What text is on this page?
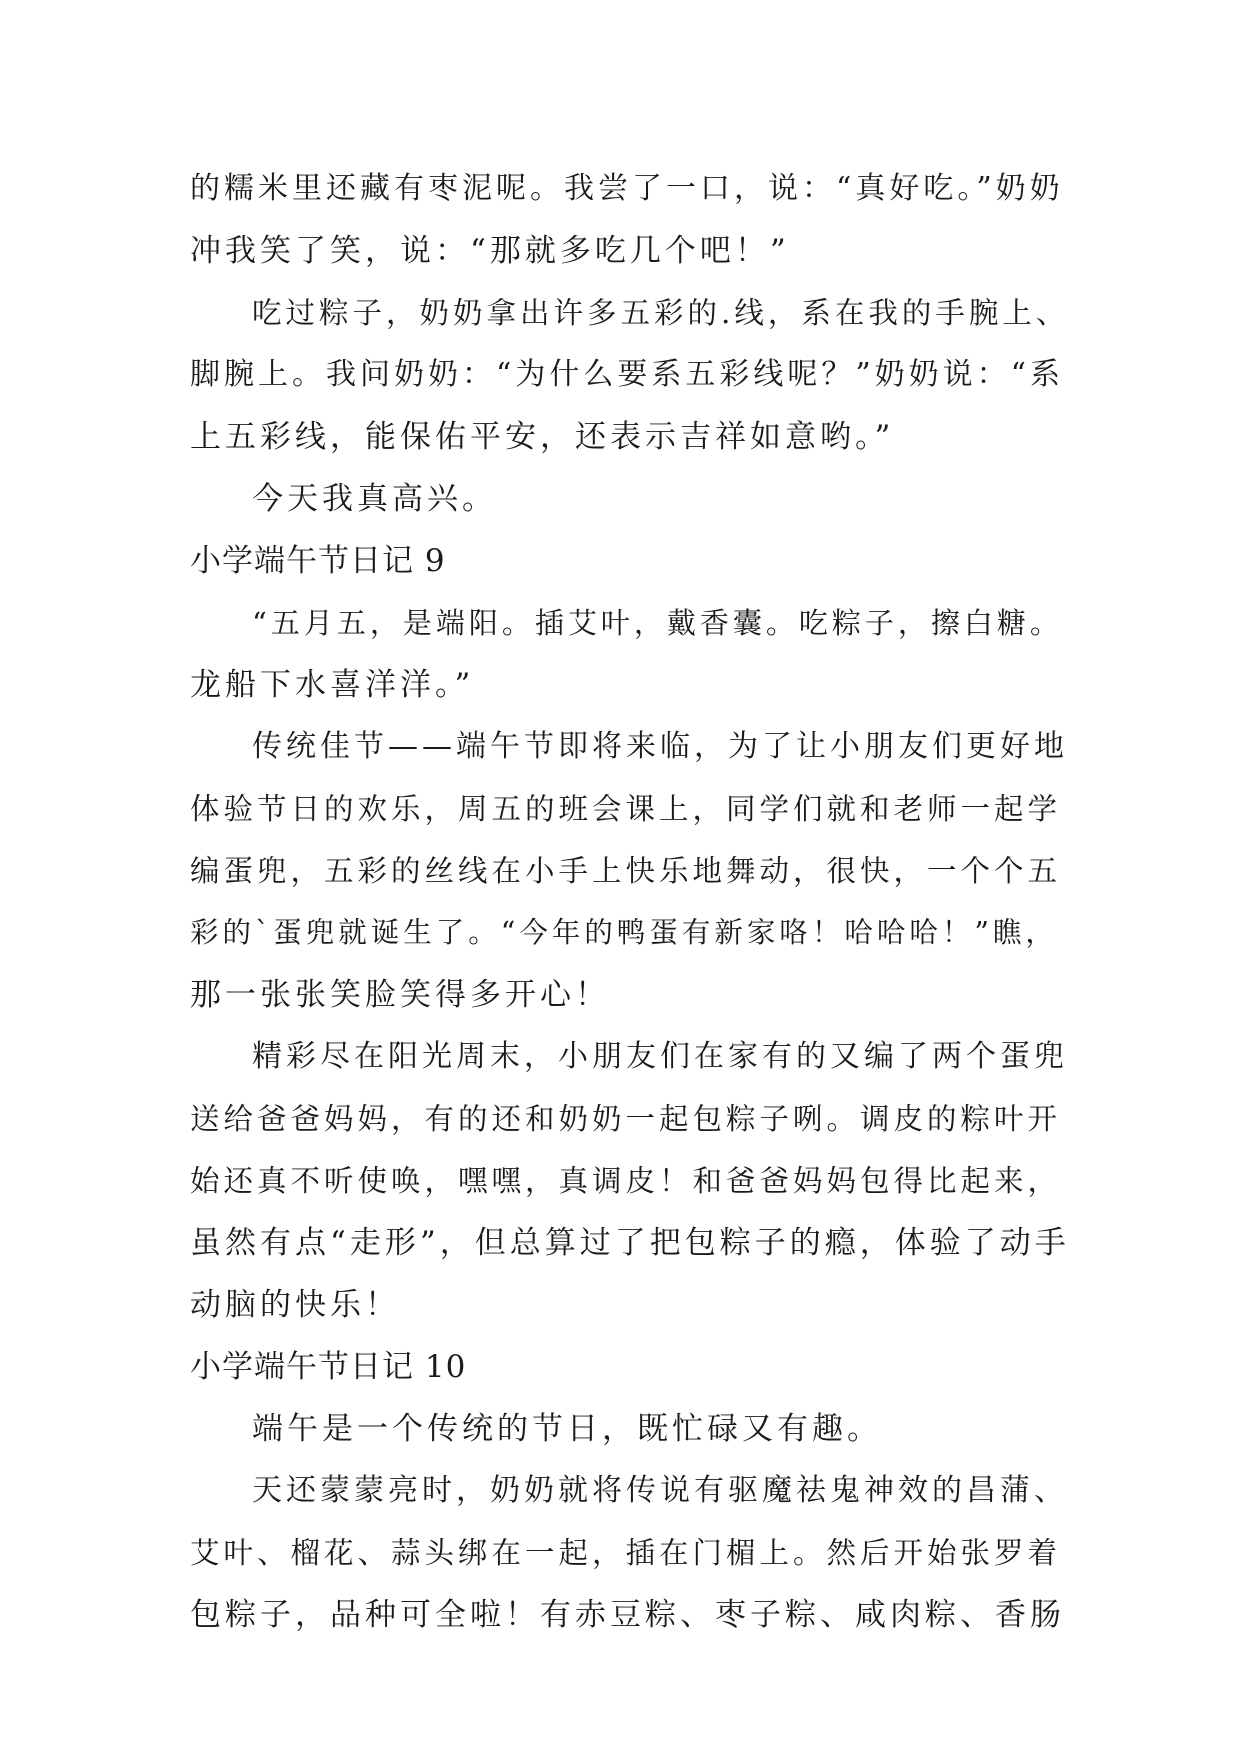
的糯米里还藏有枣泥呢。我尝了一口，说：“真好吃。”奶奶
冲我笑了笑，说：“那就多吃几个吧！”
吃过粽子，奶奶拿出许多五彩的.线，系在我的手腕上、
脚腕上。我问奶奶：“为什么要系五彩线呢？”奶奶说：“系
上五彩线，能保佑平安，还表示吉祥如意哟。”
今天我真高兴。
小学端午节日记 9
“五月五，是端阳。插艾叶，戴香囊。吃粽子，擦白糖。
龙船下水喜洋洋。”
传统佳节——端午节即将来临，为了让小朋友们更好地
体验节日的欢乐，周五的班会课上，同学们就和老师一起学
编蛋兜，五彩的丝线在小手上快乐地舞动，很快，一个个五
彩的`蛋兜就诞生了。“今年的鸭蛋有新家咯！哈哈哈！”瞧，
那一张张笑脸笑得多开心！
精彩尽在阳光周末，小朋友们在家有的又编了两个蛋兜
送给爸爸妈妈，有的还和奶奶一起包粽子咧。调皮的粽叶开
始还真不听使唤，嘿嘿，真调皮！和爸爸妈妈包得比起来，
虽然有点“走形”，但总算过了把包粽子的瘾，体验了动手
动脑的快乐！
小学端午节日记 10
端午是一个传统的节日，既忙碌又有趣。
天还蒙蒙亮时，奶奶就将传说有驱魔祛鬼神效的昌蒲、
艾叶、榴花、蒜头绑在一起，插在门楣上。然后开始张罗着
包粽子，品种可全啦！有赤豆粽、枣子粽、咸肉粽、香肠
